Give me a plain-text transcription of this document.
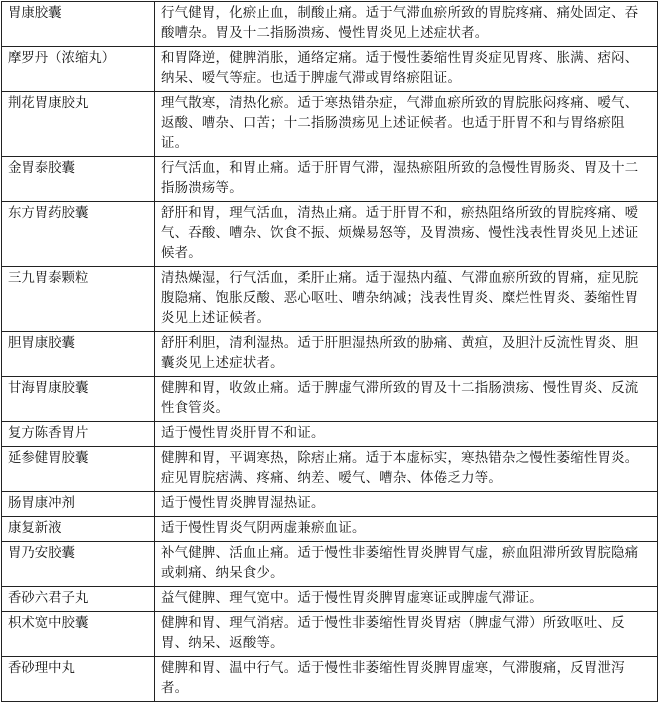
胃康胶囊	行气健胃，化瘀止血，制酸止痛。适于气滞血瘀所致的胃脘疼痛、痛处固定、吞酸嘈杂。胃及十二指肠溃疡、慢性胃炎见上述症状者。
摩罗丹（浓缩丸）	和胃降逆，健脾消胀，通络定痛。适于慢性萎缩性胃炎症见胃疼、胀满、痞闷、纳呆、嗳气等症。也适于脾虚气滞或胃络瘀阻证。
荆花胃康胶丸	理气散寒，清热化瘀。适于寒热错杂症，气滞血瘀所致的胃脘胀闷疼痛、嗳气、返酸、嘈杂、口苦；十二指肠溃疡见上述证候者。也适于肝胃不和与胃络瘀阻证。
金胃泰胶囊	行气活血，和胃止痛。适于肝胃气滞，湿热瘀阻所致的急慢性胃肠炎、胃及十二指肠溃疡等。
东方胃药胶囊	舒肝和胃，理气活血，清热止痛。适于肝胃不和，瘀热阻络所致的胃脘疼痛、嗳气、吞酸、嘈杂、饮食不振、烦燥易怒等，及胃溃疡、慢性浅表性胃炎见上述证候者。
三九胃泰颗粒	清热燥湿，行气活血，柔肝止痛。适于湿热内蕴、气滞血瘀所致的胃痛，症见脘腹隐痛、饱胀反酸、恶心呕吐、嘈杂纳减；浅表性胃炎、糜烂性胃炎、萎缩性胃炎见上述证候者。
胆胃康胶囊	舒肝利胆，清利湿热。适于肝胆湿热所致的胁痛、黄疸，及胆汁反流性胃炎、胆囊炎见上述症状者。
甘海胃康胶囊	健脾和胃，收敛止痛。适于脾虚气滞所致的胃及十二指肠溃疡、慢性胃炎、反流性食管炎。
复方陈香胃片	适于慢性胃炎肝胃不和证。
延参健胃胶囊	健脾和胃，平调寒热，除痞止痛。适于本虚标实，寒热错杂之慢性萎缩性胃炎。症见胃脘痞满、疼痛、纳差、嗳气、嘈杂、体倦乏力等。
肠胃康冲剂	适于慢性胃炎脾胃湿热证。
康复新液	适于慢性胃炎气阴两虚兼瘀血证。
胃乃安胶囊	补气健脾、活血止痛。适于慢性非萎缩性胃炎脾胃气虚，瘀血阻滞所致胃脘隐痛或刺痛、纳呆食少。
香砂六君子丸	益气健脾、理气宽中。适于慢性胃炎脾胃虚寒证或脾虚气滞证。
枳术宽中胶囊	健脾和胃、理气消痞。适于慢性非萎缩性胃炎胃痞（脾虚气滞）所致呕吐、反胃、纳呆、返酸等。
香砂理中丸	健脾和胃、温中行气。适于慢性非萎缩性胃炎脾胃虚寒，气滞腹痛，反胃泄泻者。
